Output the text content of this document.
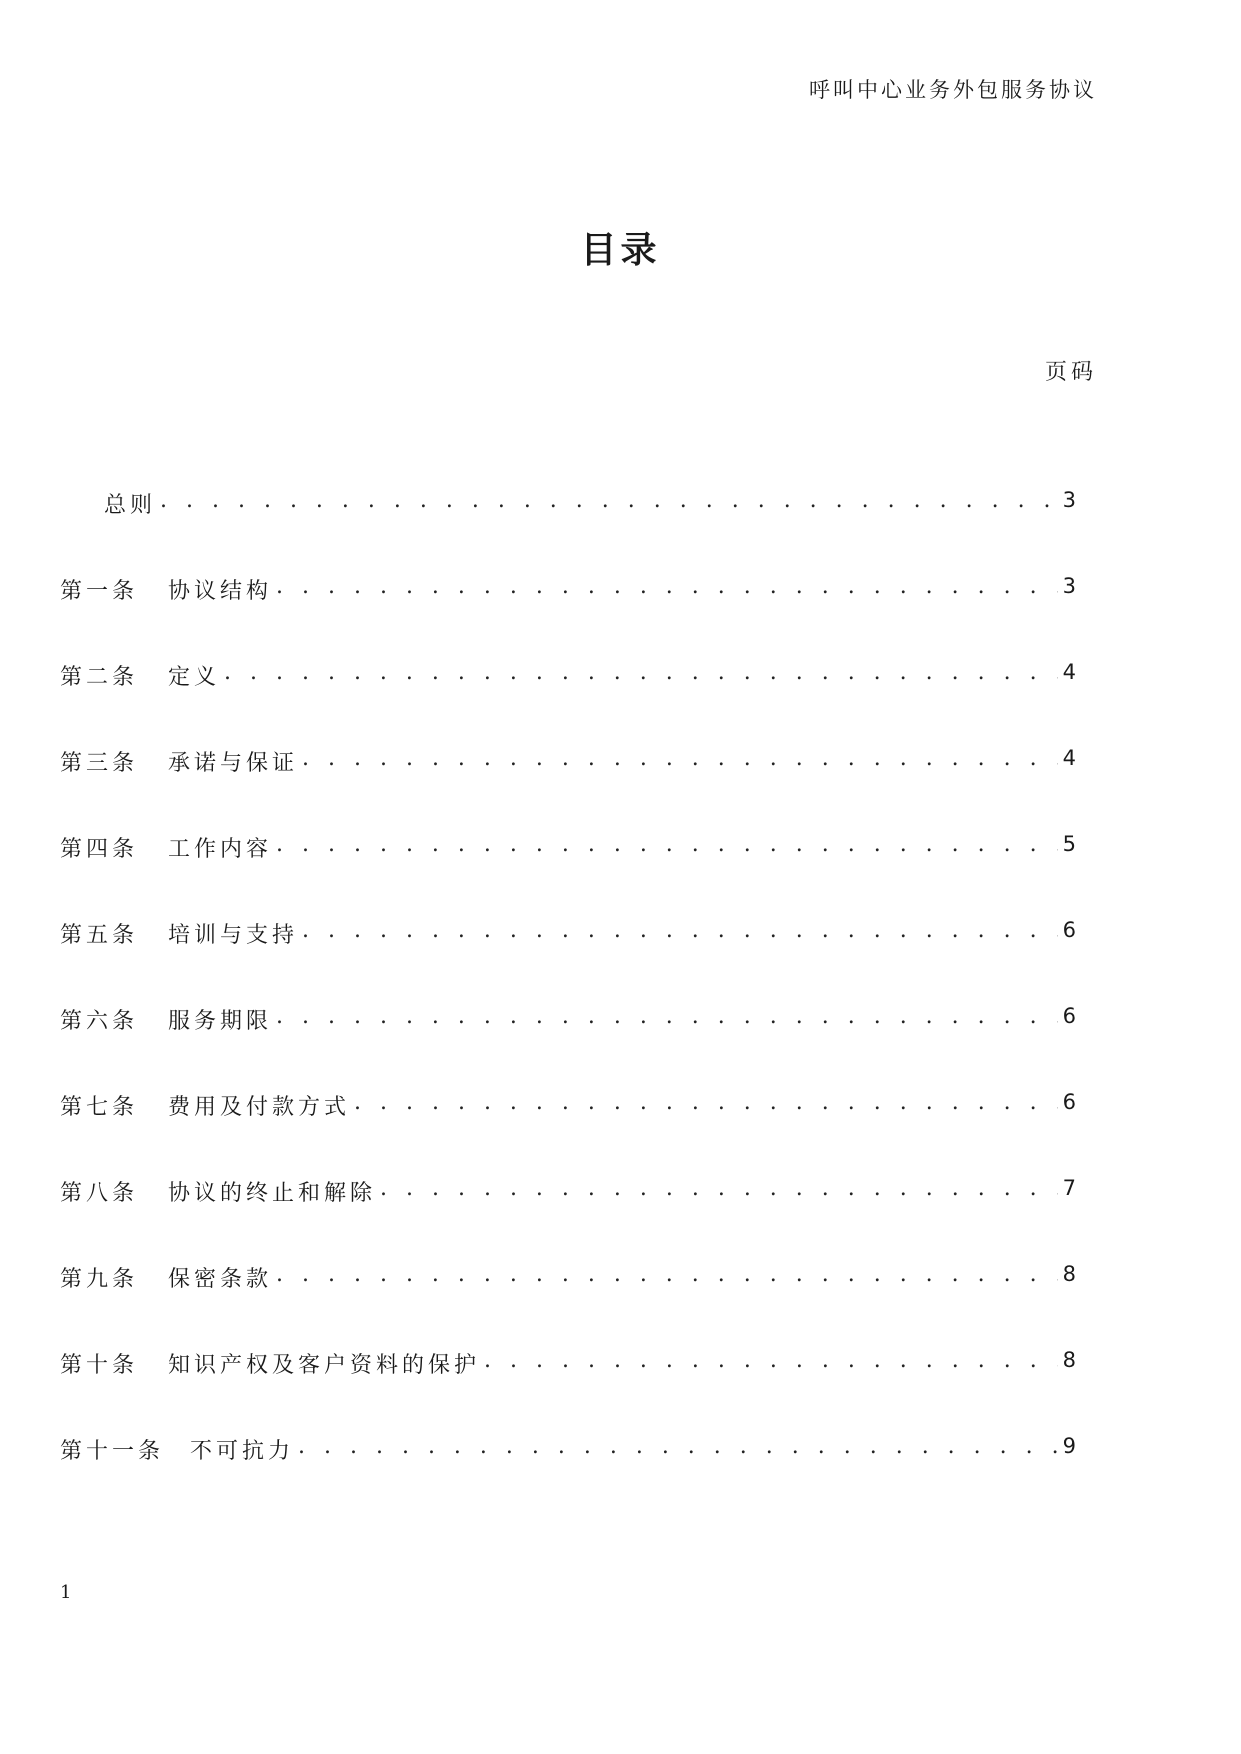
呼叫中心业务外包服务协议
目录
页码
总则 . . .	3
第一条	协议结构 . . .	3
第二条	定义 . . .	4
第三条	承诺与保证 . . .	4
第四条	工作内容 . . .	5
第五条	培训与支持 . . .	6
第六条	服务期限 . . .	6
第七条	费用及付款方式 . . .	6
第八条	协议的终止和解除 . . .	7
第九条	保密条款 . . .	8
第十条	知识产权及客户资料的保护 . . .	8
第十一条	不可抗力 . . .	9
1
